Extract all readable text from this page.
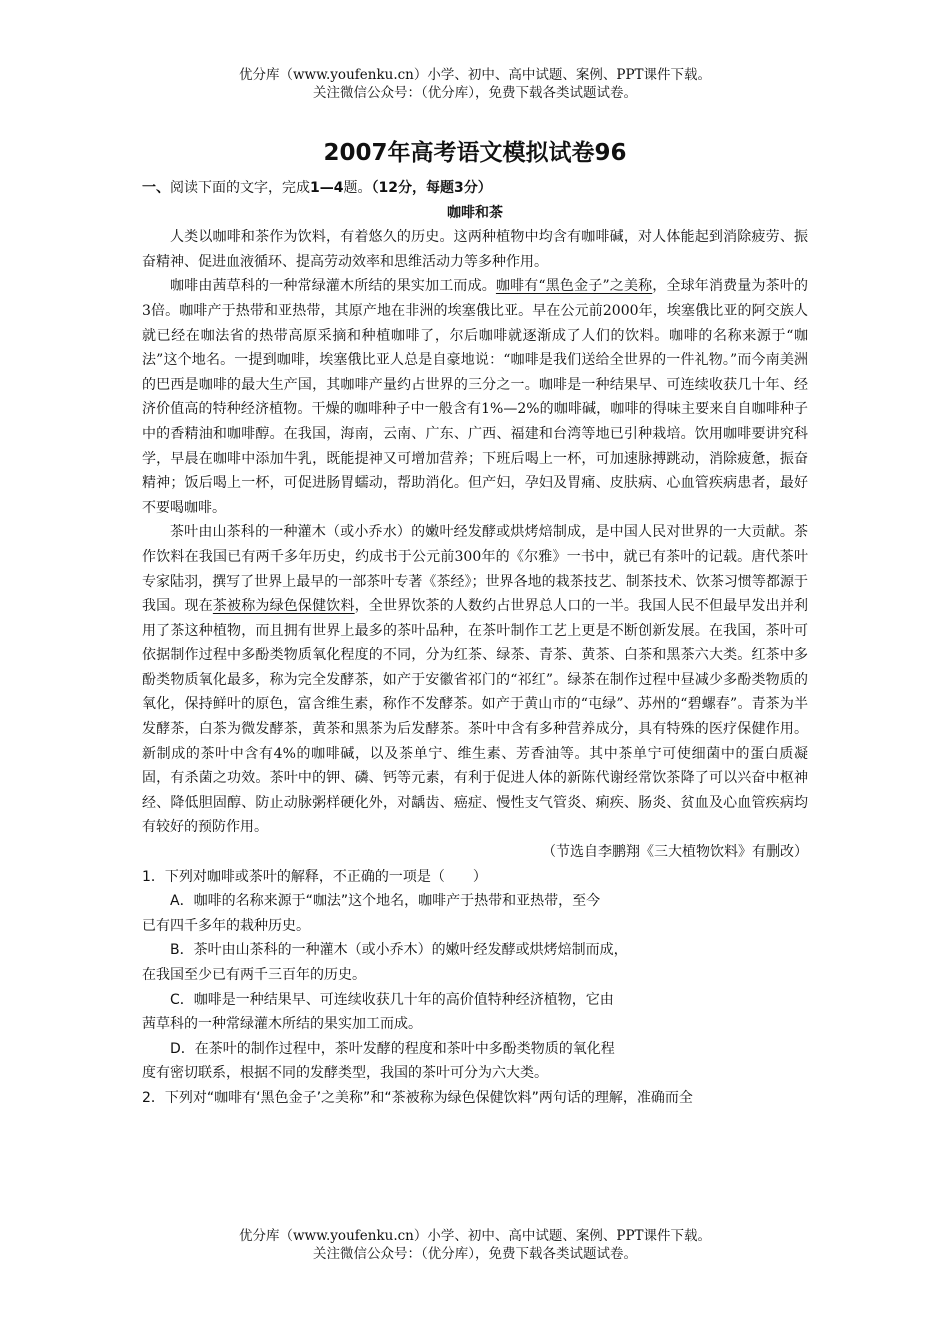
优分库（www.youfenku.cn）小学、初中、高中试题、案例、PPT课件下载。
关注微信公众号：（优分库），免费下载各类试题试卷。
2007年高考语文模拟试卷96

一、阅读下面的文字，完成1—4题。（12分，每题3分）

咖啡和茶

人类以咖啡和茶作为饮料，有着悠久的历史。这两种植物中均含有咖啡碱，对人体能起到消除疲劳、振奋精神、促进血液循环、提高劳动效率和思维活动力等多种作用。

咖啡由茜草科的一种常绿灌木所结的果实加工而成。咖啡有“黑色金子”之美称，全球年消费量为茶叶的3倍。咖啡产于热带和亚热带，其原产地在非洲的埃塞俄比亚。早在公元前2000年，埃塞俄比亚的阿交族人就已经在咖法省的热带高原采摘和种植咖啡了，尔后咖啡就逐渐成了人们的饮料。咖啡的名称来源于“咖法”这个地名。一提到咖啡，埃塞俄比亚人总是自豪地说：“咖啡是我们送给全世界的一件礼物。”而今南美洲的巴西是咖啡的最大生产国，其咖啡产量约占世界的三分之一。咖啡是一种结果早、可连续收获几十年、经济价值高的特种经济植物。干燥的咖啡种子中一般含有1%—2%的咖啡碱，咖啡的得味主要来自自咖啡种子中的香精油和咖啡醇。在我国，海南，云南、广东、广西、福建和台湾等地已引种栽培。饮用咖啡要讲究科学，早晨在咖啡中添加牛乳，既能提神又可增加营养；下班后喝上一杯，可加速脉搏跳动，消除疲惫，振奋精神；饭后喝上一杯，可促进肠胃蠕动，帮助消化。但产妇，孕妇及胃痛、皮肤病、心血管疾病患者，最好不要喝咖啡。

茶叶由山茶科的一种灌木（或小乔水）的嫩叶经发酵或烘烤焙制成，是中国人民对世界的一大贡献。茶作饮料在我国已有两千多年历史，约成书于公元前300年的《尔雅》一书中，就已有茶叶的记载。唐代茶叶专家陆羽，撰写了世界上最早的一部茶叶专著《茶经》；世界各地的栽茶技艺、制茶技术、饮茶习惯等都源于我国。现在茶被称为绿色保健饮料，全世界饮茶的人数约占世界总人口的一半。我国人民不但最早发出并利用了茶这种植物，而且拥有世界上最多的茶叶品种，在茶叶制作工艺上更是不断创新发展。在我国，茶叶可依据制作过程中多酚类物质氧化程度的不同，分为红茶、绿茶、青茶、黄茶、白茶和黑茶六大类。红茶中多酚类物质氧化最多，称为完全发酵茶，如产于安徽省祁门的“祁红”。绿茶在制作过程中昼减少多酚类物质的氧化，保持鲜叶的原色，富含维生素，称作不发酵茶。如产于黄山市的“屯绿”、苏州的“碧螺春”。青茶为半发酵茶，白茶为微发酵茶，黄茶和黑茶为后发酵茶。茶叶中含有多种营养成分，具有特殊的医疗保健作用。新制成的茶叶中含有4%的咖啡碱，以及茶单宁、维生素、芳香油等。其中茶单宁可使细菌中的蛋白质凝固，有杀菌之功效。茶叶中的钾、磷、钙等元素，有利于促进人体的新陈代谢经常饮茶降了可以兴奋中枢神经、降低胆固醇、防止动脉粥样硬化外，对龋齿、癌症、慢性支气管炎、痢疾、肠炎、贫血及心血管疾病均有较好的预防作用。

（节选自李鹏翔《三大植物饮料》有删改）

1．下列对咖啡或茶叶的解释，不正确的一项是（　　）

A．咖啡的名称来源于“咖法”这个地名，咖啡产于热带和亚热带，至今

已有四千多年的栽种历史。

B．茶叶由山茶科的一种灌木（或小乔木）的嫩叶经发酵或烘烤焙制而成，

在我国至少已有两千三百年的历史。

C．咖啡是一种结果早、可连续收获几十年的高价值特种经济植物，它由

茜草科的一种常绿灌木所结的果实加工而成。

D．在茶叶的制作过程中，茶叶发酵的程度和茶叶中多酚类物质的氧化程

度有密切联系，根据不同的发酵类型，我国的茶叶可分为六大类。

2．下列对“咖啡有‘黑色金子’之美称”和“茶被称为绿色保健饮料”两句话的理解，准确而全

优分库（www.youfenku.cn）小学、初中、高中试题、案例、PPT课件下载。
关注微信公众号：（优分库），免费下载各类试题试卷。
